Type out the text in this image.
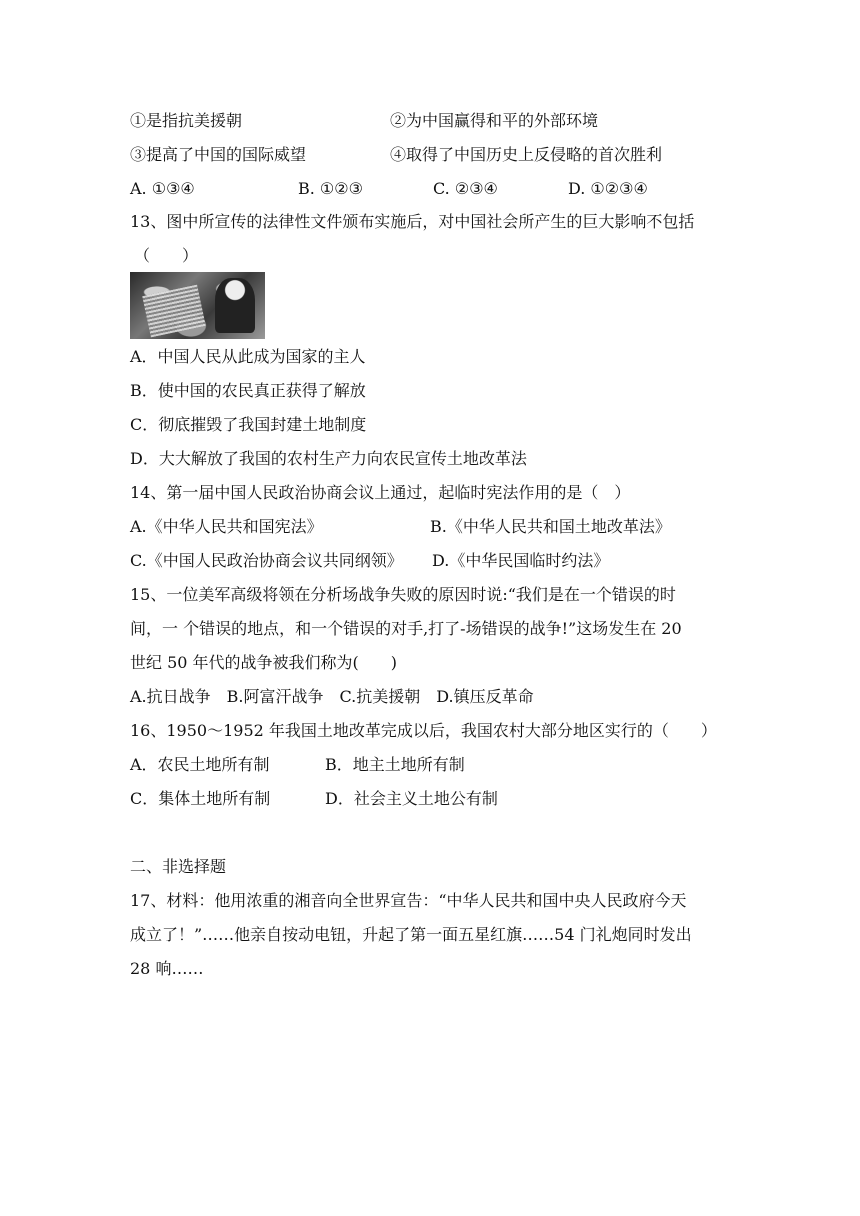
①是指抗美援朝	②为中国赢得和平的外部环境
③提高了中国的国际威望	④取得了中国历史上反侵略的首次胜利
A. ①③④	B. ①②③	C. ②③④	D. ①②③④
13、图中所宣传的法律性文件颁布实施后，对中国社会所产生的巨大影响不包括
（　　）
A．中国人民从此成为国家的主人
B．使中国的农民真正获得了解放
C．彻底摧毁了我国封建土地制度
D．大大解放了我国的农村生产力向农民宣传土地改革法
14、第一届中国人民政治协商会议上通过，起临时宪法作用的是（　）
A.《中华人民共和国宪法》	B.《中华人民共和国土地改革法》
C.《中国人民政治协商会议共同纲领》 D.《中华民国临时约法》
15、一位美军高级将领在分析场战争失败的原因时说:“我们是在一个错误的时
间，一 个错误的地点，和一个错误的对手,打了-场错误的战争!”这场发生在 20
世纪 50 年代的战争被我们称为(　　)
A.抗日战争　B.阿富汗战争　C.抗美援朝　D.镇压反革命
16、1950～1952 年我国土地改革完成以后，我国农村大部分地区实行的（　　）
A．农民土地所有制	B．地主土地所有制
C．集体土地所有制	D．社会主义土地公有制
二、非选择题
17、材料：他用浓重的湘音向全世界宣告：“中华人民共和国中央人民政府今天
成立了！”……他亲自按动电钮，升起了第一面五星红旗……54 门礼炮同时发出
28 响……
